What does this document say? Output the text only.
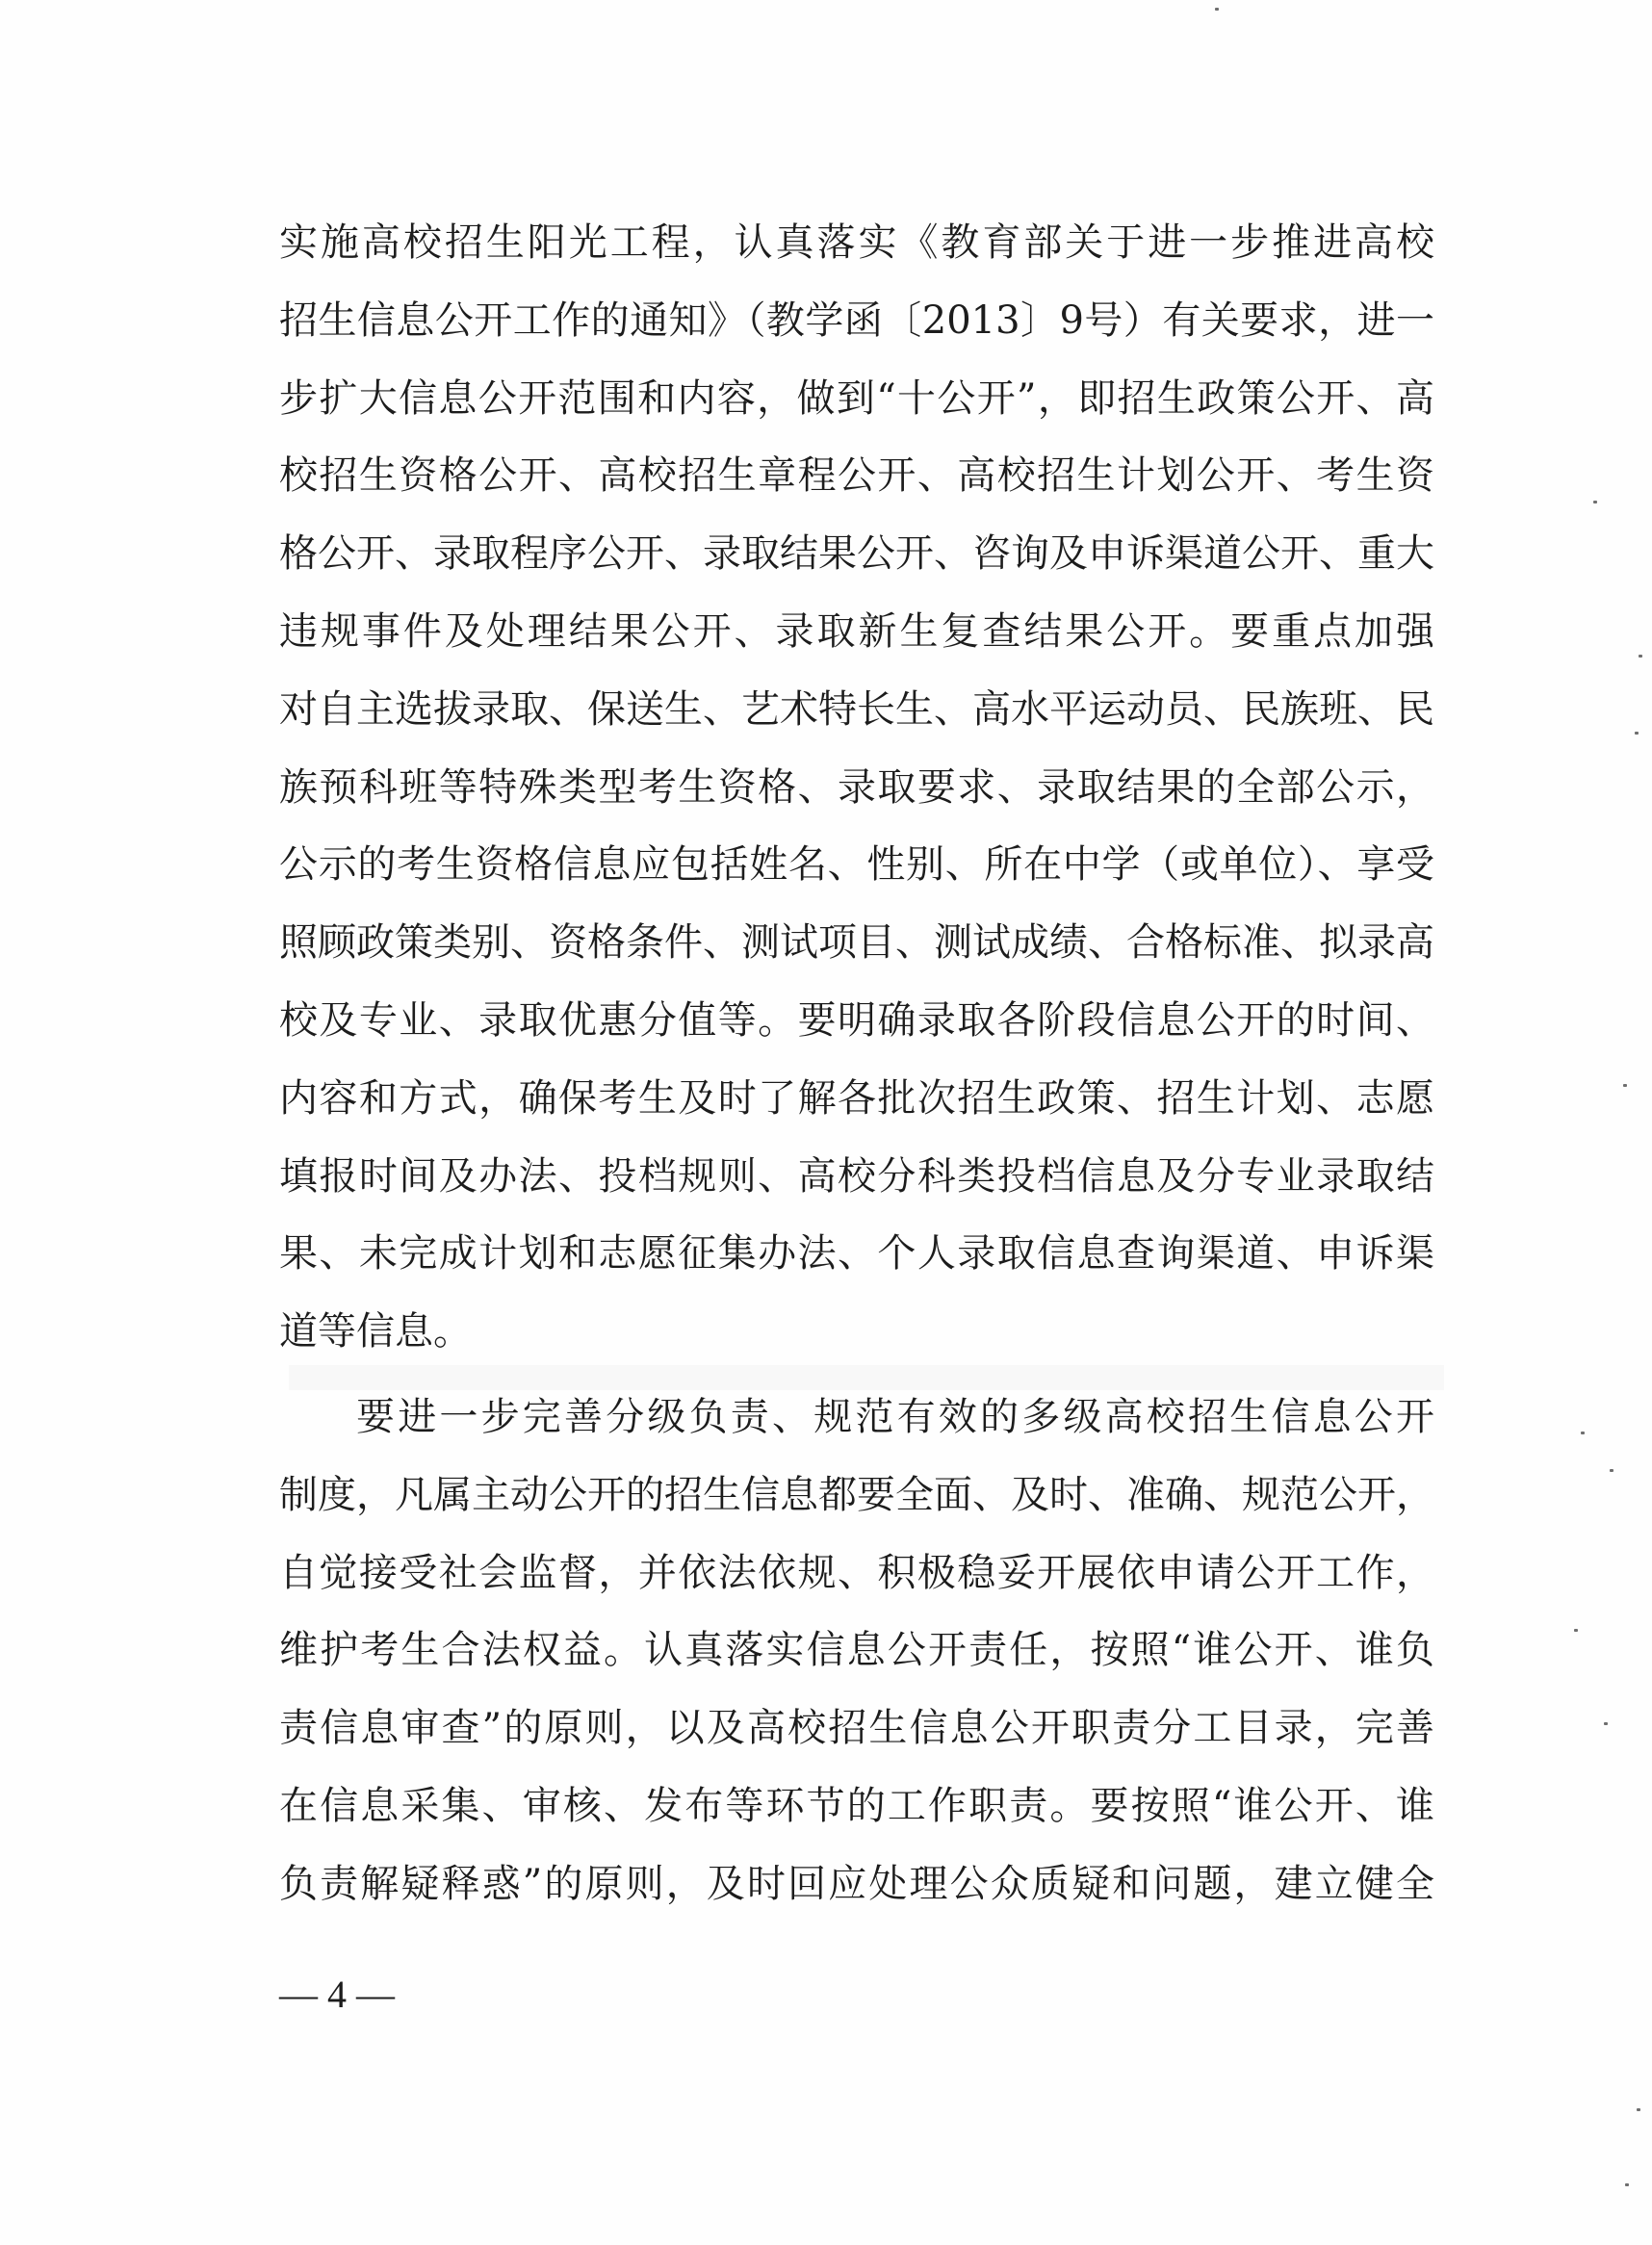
实施高校招生阳光工程，认真落实《教育部关于进一步推进高校
招生信息公开工作的通知》（教学函〔2013〕9号）有关要求，进一
步扩大信息公开范围和内容，做到“十公开”，即招生政策公开、高
校招生资格公开、高校招生章程公开、高校招生计划公开、考生资
格公开、录取程序公开、录取结果公开、咨询及申诉渠道公开、重大
违规事件及处理结果公开、录取新生复查结果公开。要重点加强
对自主选拔录取、保送生、艺术特长生、高水平运动员、民族班、民
族预科班等特殊类型考生资格、录取要求、录取结果的全部公示，
公示的考生资格信息应包括姓名、性别、所在中学（或单位）、享受
照顾政策类别、资格条件、测试项目、测试成绩、合格标准、拟录高
校及专业、录取优惠分值等。要明确录取各阶段信息公开的时间、
内容和方式，确保考生及时了解各批次招生政策、招生计划、志愿
填报时间及办法、投档规则、高校分科类投档信息及分专业录取结
果、未完成计划和志愿征集办法、个人录取信息查询渠道、申诉渠
道等信息。
要进一步完善分级负责、规范有效的多级高校招生信息公开
制度，凡属主动公开的招生信息都要全面、及时、准确、规范公开，
自觉接受社会监督，并依法依规、积极稳妥开展依申请公开工作，
维护考生合法权益。认真落实信息公开责任，按照“谁公开、谁负
责信息审查”的原则，以及高校招生信息公开职责分工目录，完善
在信息采集、审核、发布等环节的工作职责。要按照“谁公开、谁
负责解疑释惑”的原则，及时回应处理公众质疑和问题，建立健全
— 4 —
